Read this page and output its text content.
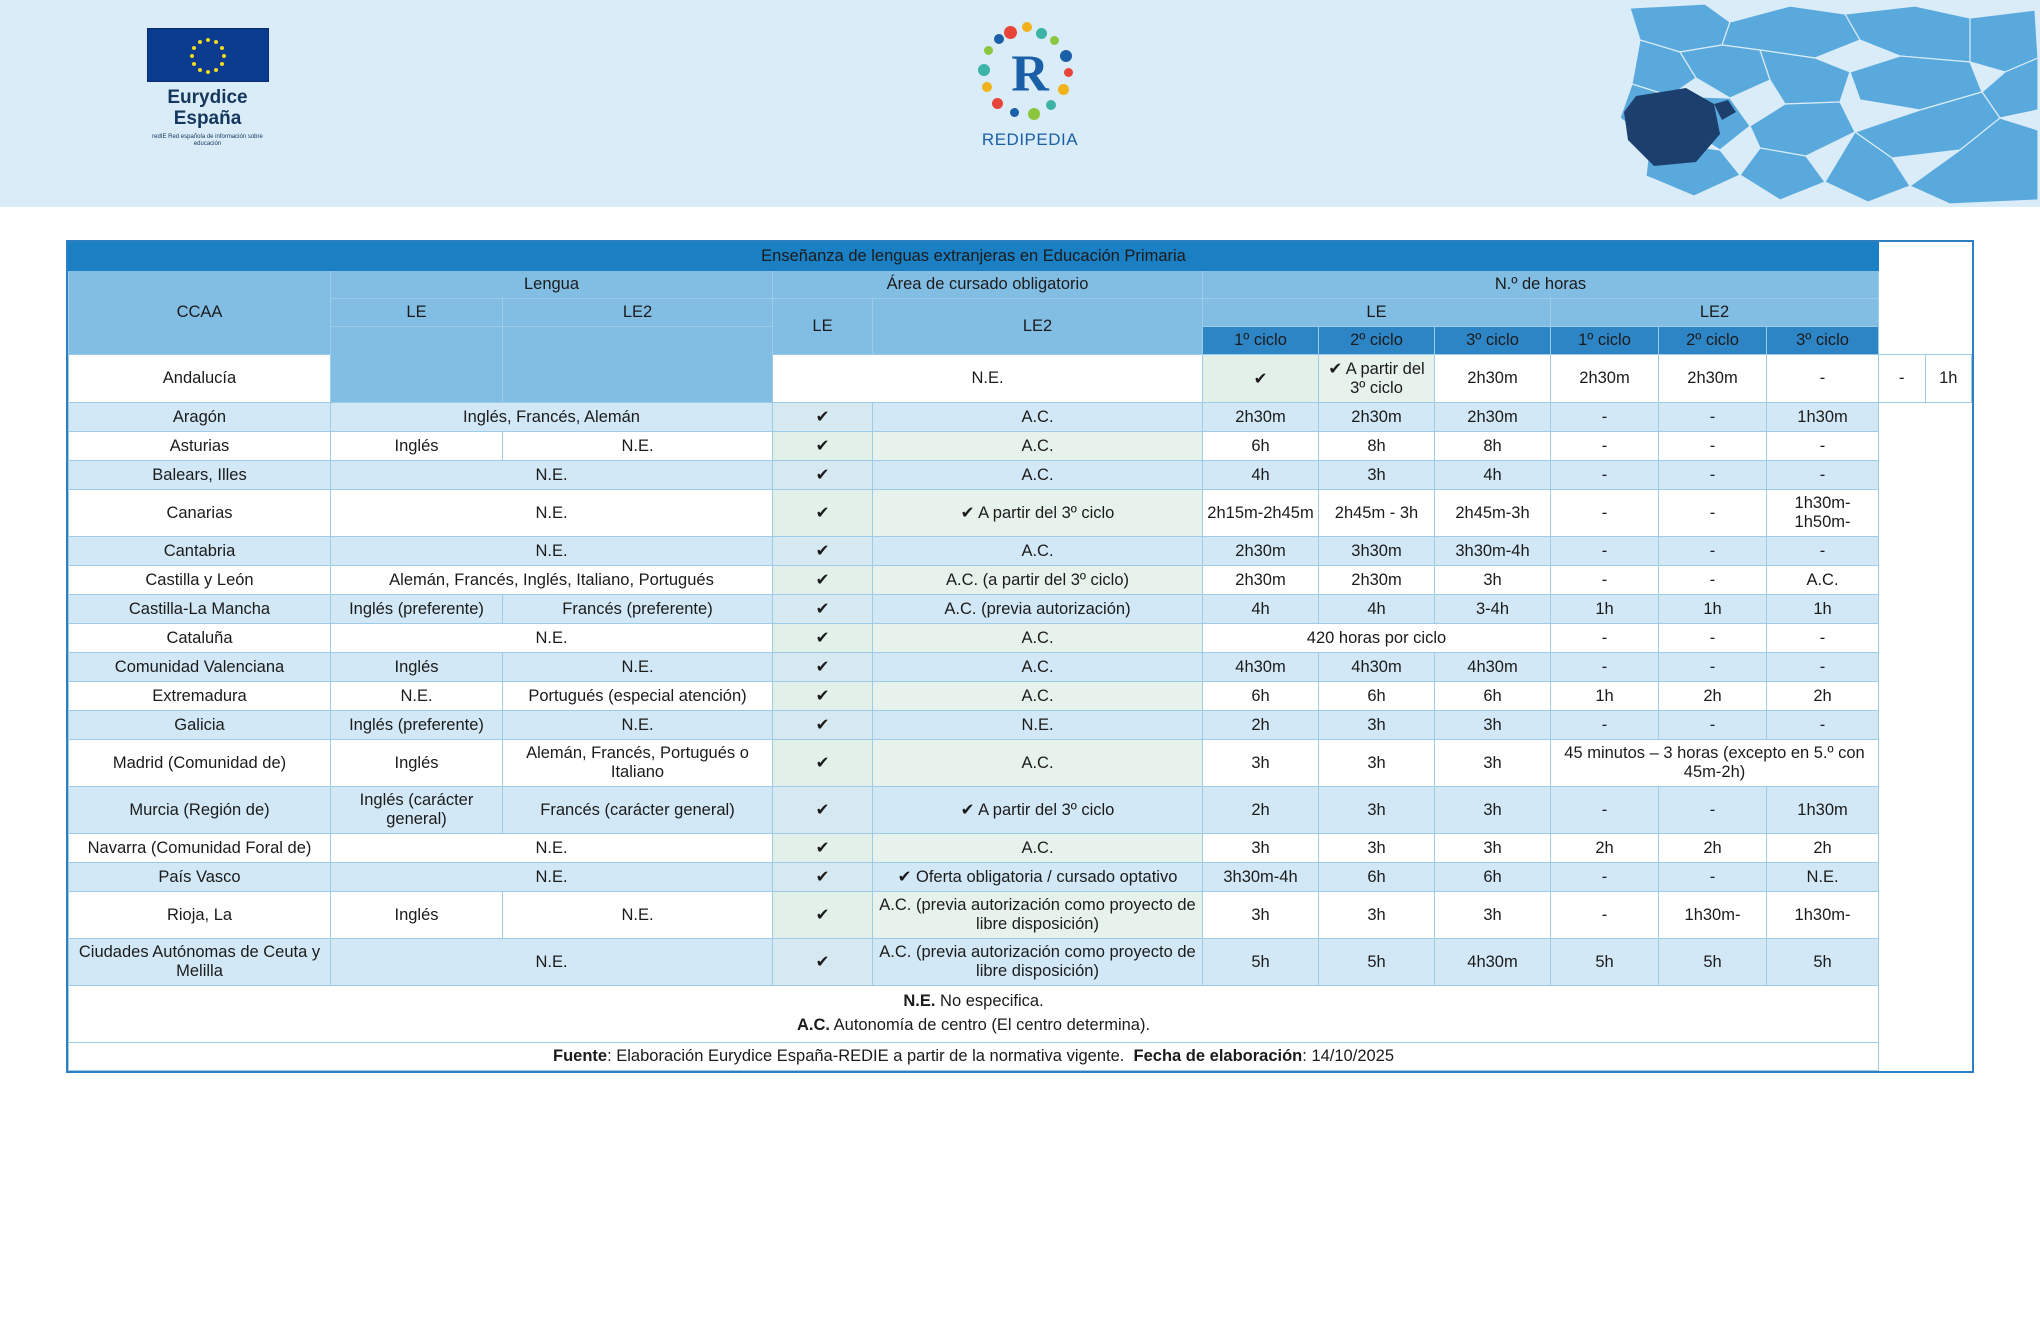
Eurydice
España
redIE Red española de información sobre educación
R
REDIPEDIA
Enseñanza de lenguas extranjeras en Educación Primaria												
CCAA	Lengua		Área de cursado obligatorio		N.º de horas							
	LE	LE2	LE	LE2	LE			LE2				
					1º ciclo	2º ciclo	3º ciclo	1º ciclo	2º ciclo	3º ciclo		
Andalucía			N.E.		✔	✔ A partir del 3º ciclo	2h30m	2h30m	2h30m	-	-	1h
Aragón	Inglés, Francés, Alemán		✔	A.C.	2h30m	2h30m	2h30m	-	-	1h30m		
Asturias	Inglés	N.E.	✔	A.C.	6h	8h	8h	-	-	-		
Balears, Illes	N.E.		✔	A.C.	4h	3h	4h	-	-	-		
Canarias	N.E.		✔	✔ A partir del 3º ciclo	2h15m-2h45m	2h45m - 3h	2h45m-3h	-	-	1h30m-1h50m-		
Cantabria	N.E.		✔	A.C.	2h30m	3h30m	3h30m-4h	-	-	-		
Castilla y León	Alemán, Francés, Inglés, Italiano, Portugués		✔	A.C. (a partir del 3º ciclo)	2h30m	2h30m	3h	-	-	A.C.		
Castilla-La Mancha	Inglés (preferente)	Francés (preferente)	✔	A.C. (previa autorización)	4h	4h	3-4h	1h	1h	1h		
Cataluña	N.E.		✔	A.C.	420 horas por ciclo			-	-	-		
Comunidad Valenciana	Inglés	N.E.	✔	A.C.	4h30m	4h30m	4h30m	-	-	-		
Extremadura	N.E.	Portugués (especial atención)	✔	A.C.	6h	6h	6h	1h	2h	2h		
Galicia	Inglés (preferente)	N.E.	✔	N.E.	2h	3h	3h	-	-	-		
Madrid (Comunidad de)	Inglés	Alemán, Francés, Portugués o Italiano	✔	A.C.	3h	3h	3h	45 minutos – 3 horas (excepto en 5.º con 45m-2h)				
Murcia (Región de)	Inglés (carácter general)	Francés (carácter general)	✔	✔ A partir del 3º ciclo	2h	3h	3h	-	-	1h30m		
Navarra (Comunidad Foral de)	N.E.		✔	A.C.	3h	3h	3h	2h	2h	2h		
País Vasco	N.E.		✔	✔ Oferta obligatoria / cursado optativo	3h30m-4h	6h	6h	-	-	N.E.		
Rioja, La	Inglés	N.E.	✔	A.C. (previa autorización como proyecto de libre disposición)	3h	3h	3h	-	1h30m-	1h30m-		
Ciudades Autónomas de Ceuta y Melilla	N.E.		✔	A.C. (previa autorización como proyecto de libre disposición)	5h	5h	4h30m	5h	5h	5h		
N.E. No especifica.
A.C. Autonomía de centro (El centro determina).												
Fuente: Elaboración Eurydice España-REDIE a partir de la normativa vigente. Fecha de elaboración: 14/10/2025												
